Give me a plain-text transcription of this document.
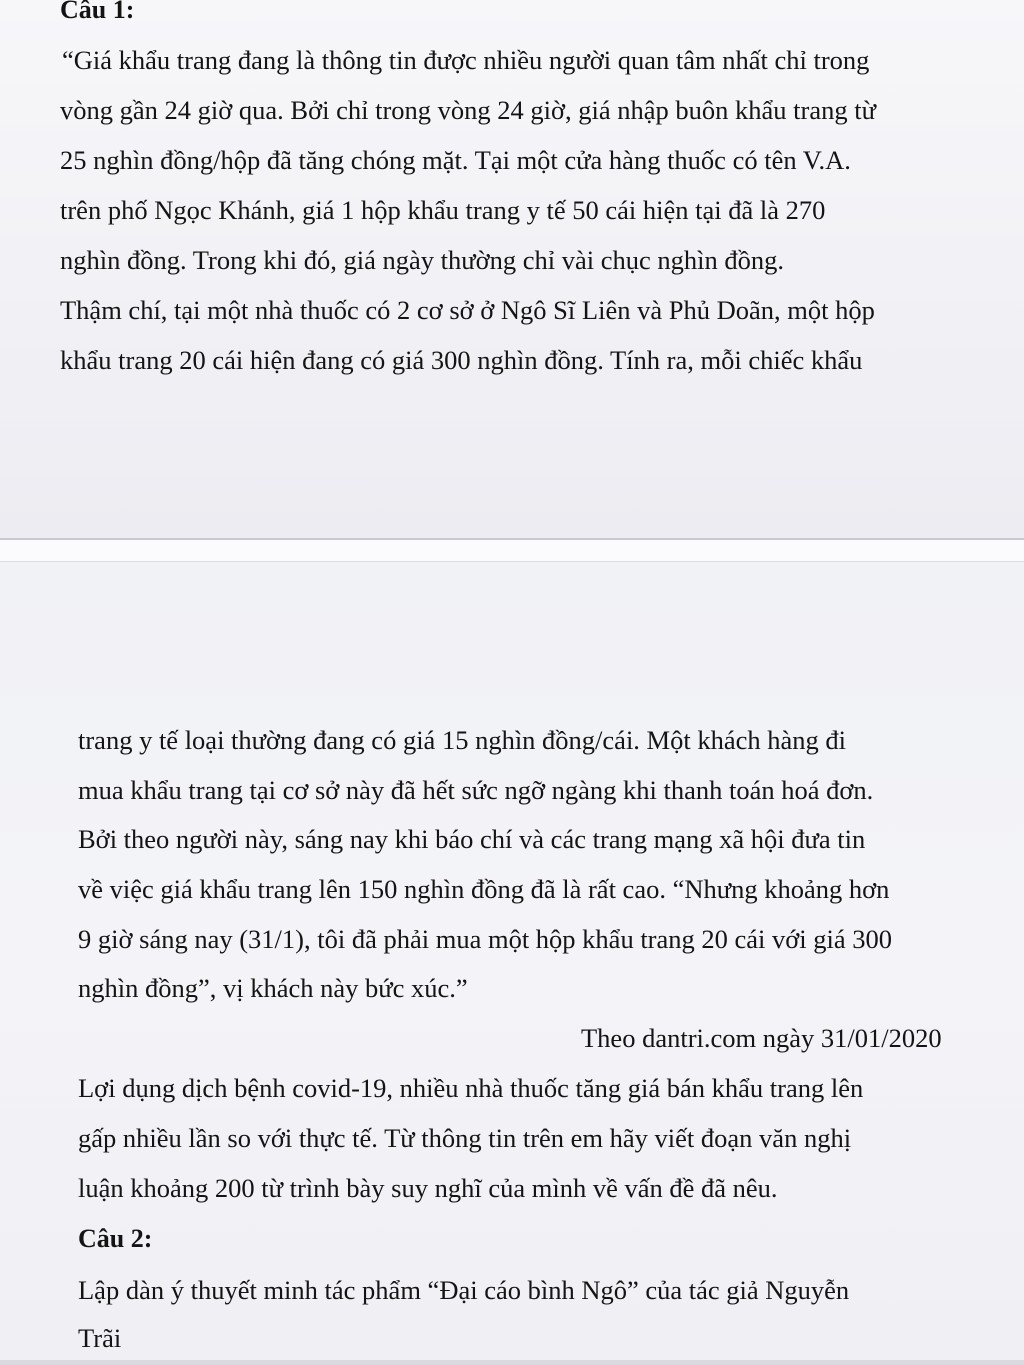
Câu 1:
“Giá khẩu trang đang là thông tin được nhiều người quan tâm nhất chỉ trong
vòng gần 24 giờ qua. Bởi chỉ trong vòng 24 giờ, giá nhập buôn khẩu trang từ
25 nghìn đồng/hộp đã tăng chóng mặt. Tại một cửa hàng thuốc có tên V.A.
trên phố Ngọc Khánh, giá 1 hộp khẩu trang y tế 50 cái hiện tại đã là 270
nghìn đồng. Trong khi đó, giá ngày thường chỉ vài chục nghìn đồng.
Thậm chí, tại một nhà thuốc có 2 cơ sở ở Ngô Sĩ Liên và Phủ Doãn, một hộp
khẩu trang 20 cái hiện đang có giá 300 nghìn đồng. Tính ra, mỗi chiếc khẩu
trang y tế loại thường đang có giá 15 nghìn đồng/cái. Một khách hàng đi
mua khẩu trang tại cơ sở này đã hết sức ngỡ ngàng khi thanh toán hoá đơn.
Bởi theo người này, sáng nay khi báo chí và các trang mạng xã hội đưa tin
về việc giá khẩu trang lên 150 nghìn đồng đã là rất cao. “Nhưng khoảng hơn
9 giờ sáng nay (31/1), tôi đã phải mua một hộp khẩu trang 20 cái với giá 300
nghìn đồng”, vị khách này bức xúc.”
Theo dantri.com ngày 31/01/2020
Lợi dụng dịch bệnh covid-19, nhiều nhà thuốc tăng giá bán khẩu trang lên
gấp nhiều lần so với thực tế. Từ thông tin trên em hãy viết đoạn văn nghị
luận khoảng 200 từ trình bày suy nghĩ của mình về vấn đề đã nêu.
Câu 2:
Lập dàn ý thuyết minh tác phẩm “Đại cáo bình Ngô” của tác giả Nguyễn
Trãi
